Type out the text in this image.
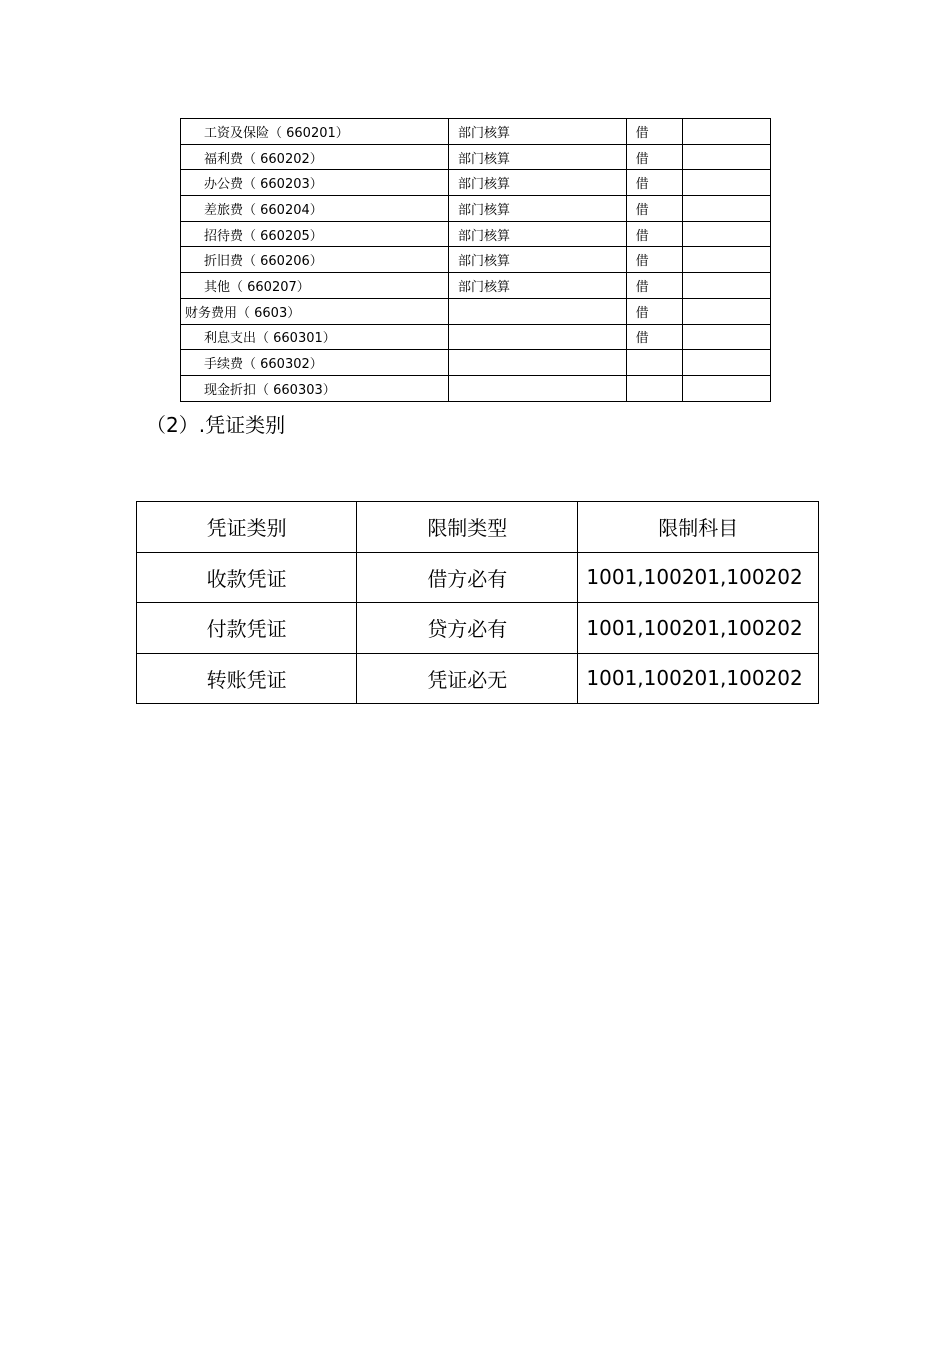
工资及保险（ 660201）	部门核算	借	
福利费（ 660202）	部门核算	借	
办公费（ 660203）	部门核算	借	
差旅费（ 660204）	部门核算	借	
招待费（ 660205）	部门核算	借	
折旧费（ 660206）	部门核算	借	
其他（ 660207）	部门核算	借	
财务费用（ 6603）		借	
利息支出（ 660301）		借	
手续费（ 660302）			
现金折扣（ 660303）			
（2）.凭证类别
凭证类别	限制类型	限制科目
收款凭证	借方必有	1001,100201,100202
付款凭证	贷方必有	1001,100201,100202
转账凭证	凭证必无	1001,100201,100202
